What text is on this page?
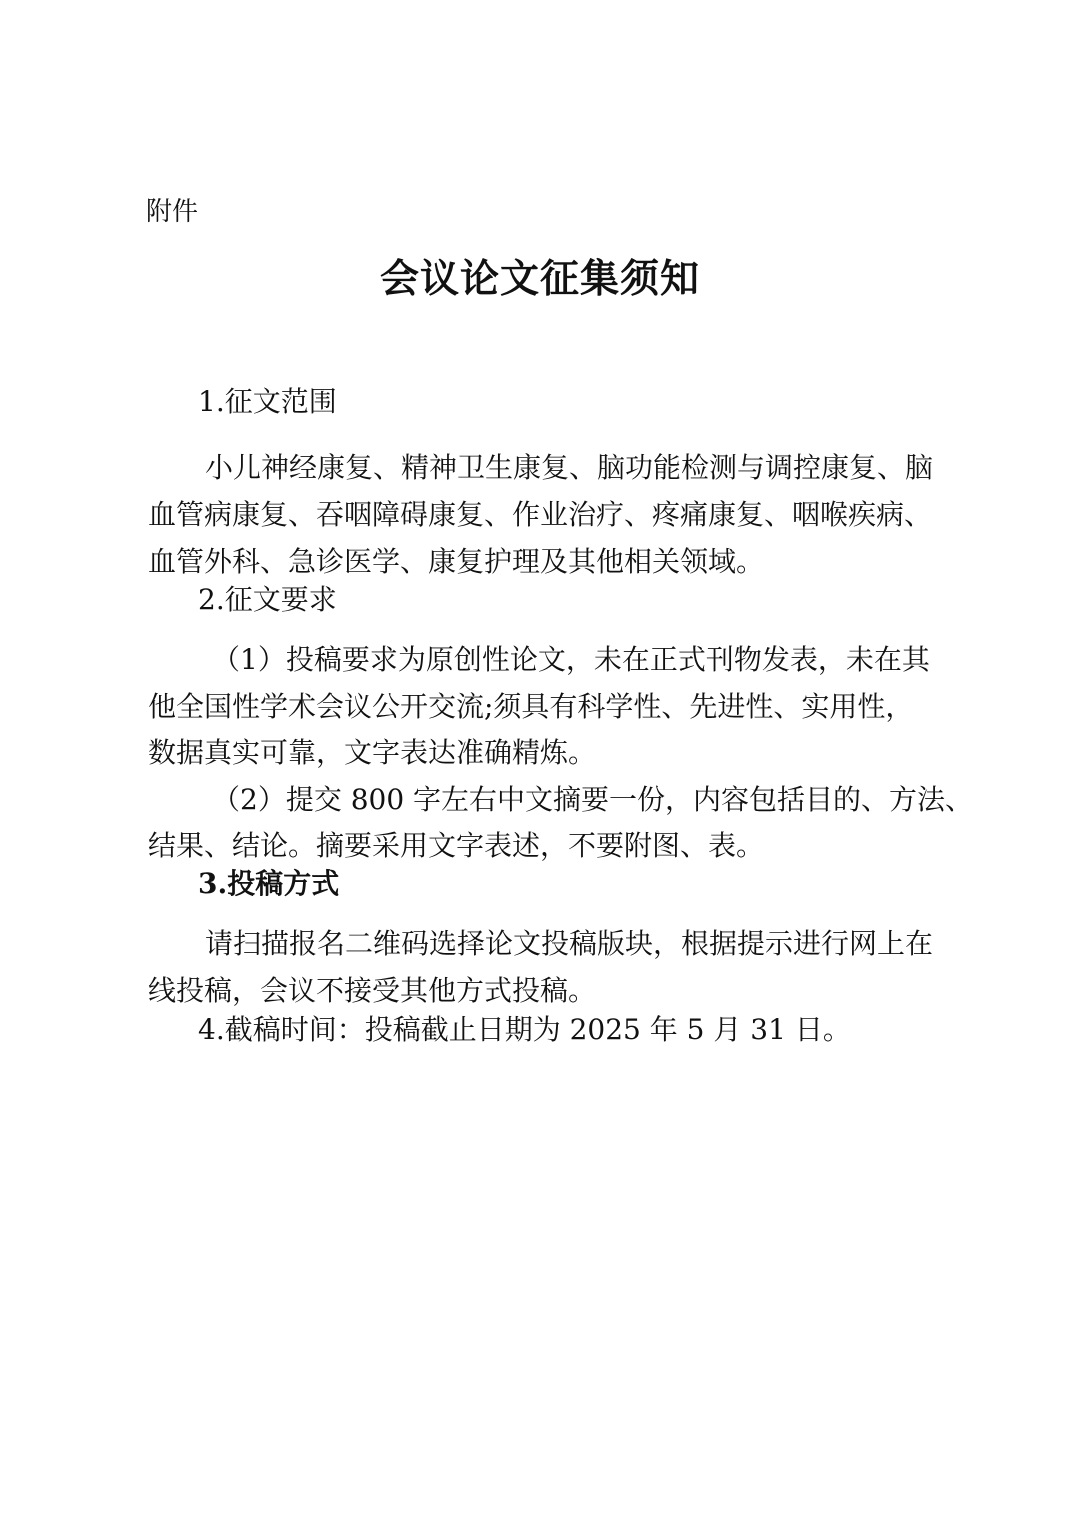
附件
会议论文征集须知
1.征文范围
小儿神经康复、精神卫生康复、脑功能检测与调控康复、脑
血管病康复、吞咽障碍康复、作业治疗、疼痛康复、咽喉疾病、
血管外科、急诊医学、康复护理及其他相关领域。
2.征文要求
（1）投稿要求为原创性论文，未在正式刊物发表，未在其
他全国性学术会议公开交流;须具有科学性、先进性、实用性，
数据真实可靠，文字表达准确精炼。
（2）提交 800 字左右中文摘要一份，内容包括目的、方法、
结果、结论。摘要采用文字表述，不要附图、表。
3.投稿方式
请扫描报名二维码选择论文投稿版块，根据提示进行网上在
线投稿，会议不接受其他方式投稿。
4.截稿时间：投稿截止日期为 2025 年 5 月 31 日。
